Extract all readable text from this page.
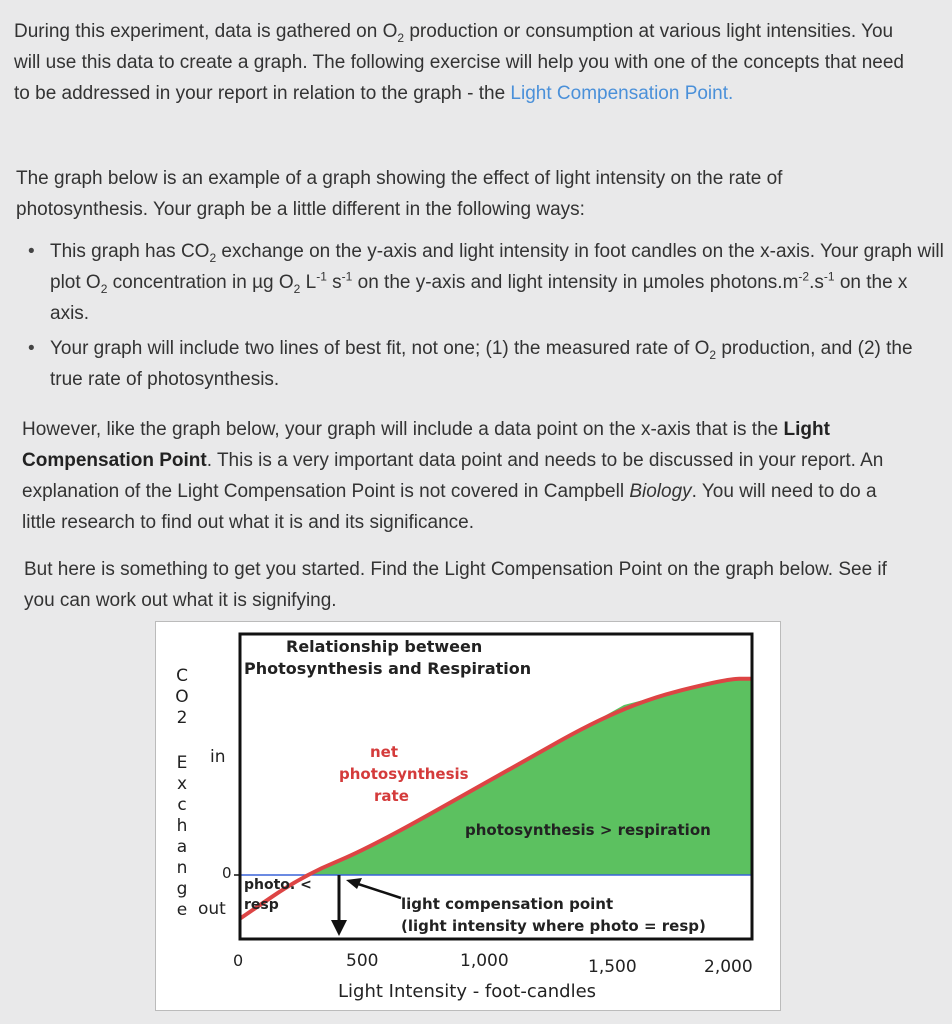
During this experiment, data is gathered on $O_2$ production or consumption at various light intensities. You will use this data to create a graph. The following exercise will help you with one of the concepts that need to be addressed in your report in relation to the graph - the Light Compensation Point.

The graph below is an example of a graph showing the effect of light intensity on the rate of photosynthesis. Your graph be a little different in the following ways:

• This graph has $CO_2$ exchange on the y-axis and light intensity in foot candles on the x-axis. Your graph will plot $O_2$ concentration in µg $O_2$ $L^{-1}$ $s^{-1}$ on the y-axis and light intensity in µmoles $photons.m^{-2}.s^{-1}$ on the x axis.
• Your graph will include two lines of best fit, not one; (1) the measured rate of $O_2$ production, and (2) the true rate of photosynthesis.

However, like the graph below, your graph will include a data point on the x-axis that is the Light Compensation Point. This is a very important data point and needs to be discussed in your report. An explanation of the Light Compensation Point is not covered in Campbell Biology. You will need to do a little research to find out what it is and its significance.

But here is something to get you started. Find the Light Compensation Point on the graph below. See if you can work out what it is signifying.

Relationship between
Photosynthesis and Respiration
C
O
2
E
x
c
h
a
n
g
e
in
0
out
net
photosynthesis
rate
photosynthesis > respiration
photo. <
resp	light compensation point
(light intensity where photo = resp)
0	500	1,000	1,500	2,000
Light Intensity - foot-candles
